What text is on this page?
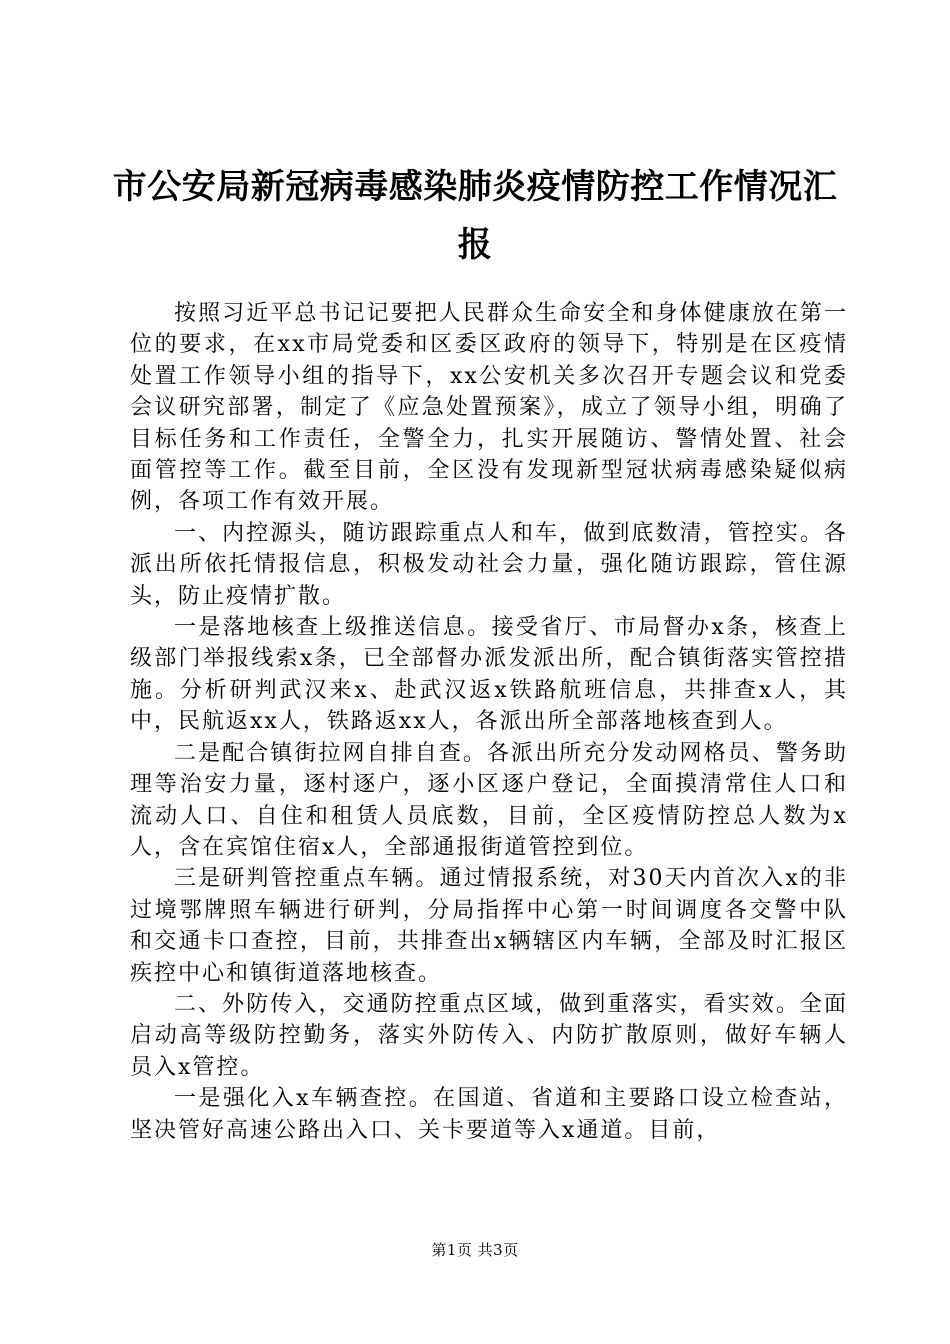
市公安局新冠病毒感染肺炎疫情防控工作情况汇报

按照习近平总书记记要把人民群众生命安全和身体健康放在第一位的要求，在xx市局党委和区委区政府的领导下，特别是在区疫情处置工作领导小组的指导下，xx公安机关多次召开专题会议和党委会议研究部署，制定了《应急处置预案》，成立了领导小组，明确了目标任务和工作责任，全警全力，扎实开展随访、警情处置、社会面管控等工作。截至目前，全区没有发现新型冠状病毒感染疑似病例，各项工作有效开展。

一、内控源头，随访跟踪重点人和车，做到底数清，管控实。各派出所依托情报信息，积极发动社会力量，强化随访跟踪，管住源头，防止疫情扩散。

一是落地核查上级推送信息。接受省厅、市局督办x条，核查上级部门举报线索x条，已全部督办派发派出所，配合镇街落实管控措施。分析研判武汉来x、赴武汉返x铁路航班信息，共排查x人，其中，民航返xx人，铁路返xx人，各派出所全部落地核查到人。

二是配合镇街拉网自排自查。各派出所充分发动网格员、警务助理等治安力量，逐村逐户，逐小区逐户登记，全面摸清常住人口和流动人口、自住和租赁人员底数，目前，全区疫情防控总人数为x人，含在宾馆住宿x人，全部通报街道管控到位。

三是研判管控重点车辆。通过情报系统，对30天内首次入x的非过境鄂牌照车辆进行研判，分局指挥中心第一时间调度各交警中队和交通卡口查控，目前，共排查出x辆辖区内车辆，全部及时汇报区疾控中心和镇街道落地核查。

二、外防传入，交通防控重点区域，做到重落实，看实效。全面启动高等级防控勤务，落实外防传入、内防扩散原则，做好车辆人员入x管控。

一是强化入x车辆查控。在国道、省道和主要路口设立检查站，坚决管好高速公路出入口、关卡要道等入x通道。目前，

第1页 共3页
